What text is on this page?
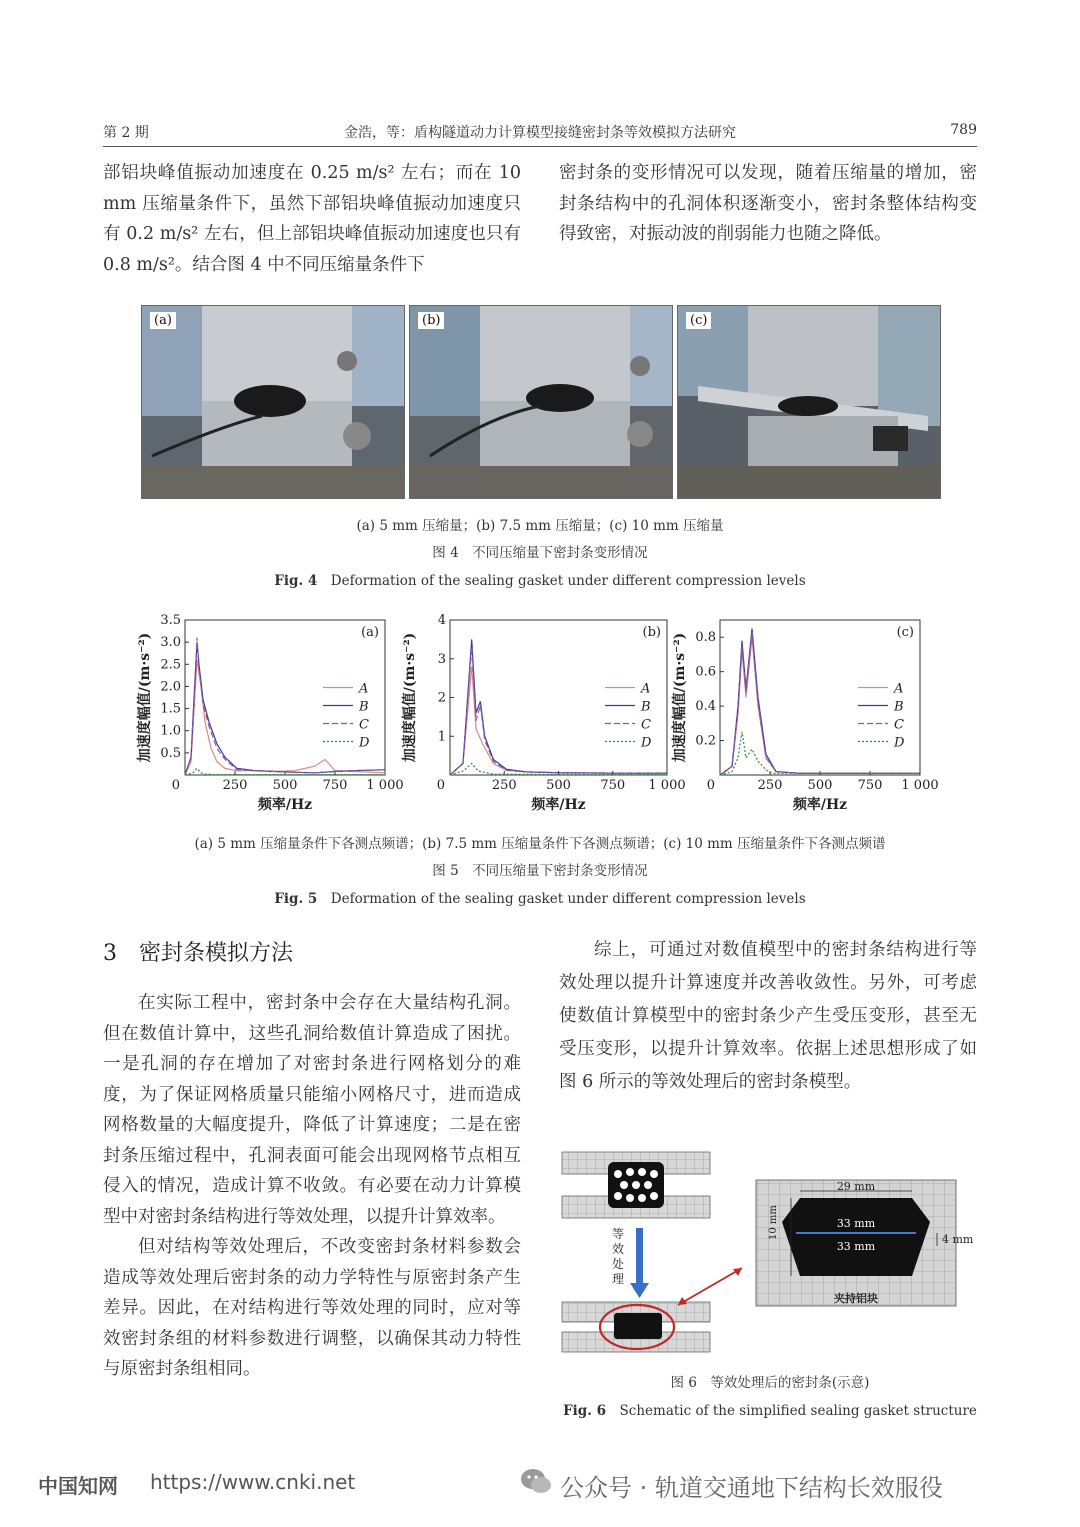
第 2 期	金浩，等：盾构隧道动力计算模型接缝密封条等效模拟方法研究	789
部铝块峰值振动加速度在 0.25 m/s² 左右；而在 10 mm 压缩量条件下，虽然下部铝块峰值振动加速度只有 0.2 m/s² 左右，但上部铝块峰值振动加速度也只有 0.8 m/s²。结合图 4 中不同压缩量条件下
密封条的变形情况可以发现，随着压缩量的增加，密封条结构中的孔洞体积逐渐变小，密封条整体结构变得致密，对振动波的削弱能力也随之降低。
(a)	(b)	(c)
(a) 5 mm 压缩量；(b) 7.5 mm 压缩量；(c) 10 mm 压缩量
图 4　不同压缩量下密封条变形情况
Fig. 4　 Deformation of the sealing gasket under different compression levels
0	250 500 750 1 000
0.5
1.0
1.5
2.0
2.5
3.0
3.5
频率/Hz
加速度幅值/(m·s⁻²)
(a)
A
B
C
D
0	250 500 750 1 000
1
2
3
4
频率/Hz
加速度幅值/(m·s⁻²)
(b)
A
B
C
D
0	250 500 750 1 000
0.2
0.4
0.6
0.8
频率/Hz
加速度幅值/(m·s⁻²)
(c)
A
B
C
D
(a) 5 mm 压缩量条件下各测点频谱；(b) 7.5 mm 压缩量条件下各测点频谱；(c) 10 mm 压缩量条件下各测点频谱
图 5　不同压缩量下密封条变形情况
Fig. 5　 Deformation of the sealing gasket under different compression levels
3　密封条模拟方法

在实际工程中，密封条中会存在大量结构孔洞。但在数值计算中，这些孔洞给数值计算造成了困扰。一是孔洞的存在增加了对密封条进行网格划分的难度，为了保证网格质量只能缩小网格尺寸，进而造成网格数量的大幅度提升，降低了计算速度；二是在密封条压缩过程中，孔洞表面可能会出现网格节点相互侵入的情况，造成计算不收敛。有必要在动力计算模型中对密封条结构进行等效处理，以提升计算效率。

但对结构等效处理后，不改变密封条材料参数会造成等效处理后密封条的动力学特性与原密封条产生差异。因此，在对结构进行等效处理的同时，应对等效密封条组的材料参数进行调整，以确保其动力特性与原密封条组相同。

综上，可通过对数值模型中的密封条结构进行等效处理以提升计算速度并改善收敛性。另外，可考虑使数值计算模型中的密封条少产生受压变形，甚至无受压变形，以提升计算效率。依据上述思想形成了如图 6 所示的等效处理后的密封条模型。

等
效
处
理
29 mm
33 mm
33 mm
10 mm	4 mm
夹持铝块
图 6　等效处理后的密封条(示意)
Fig. 6　 Schematic of the simplified sealing gasket structure
中国知网 https://www.cnki.net	公众号 · 轨道交通地下结构长效服役
